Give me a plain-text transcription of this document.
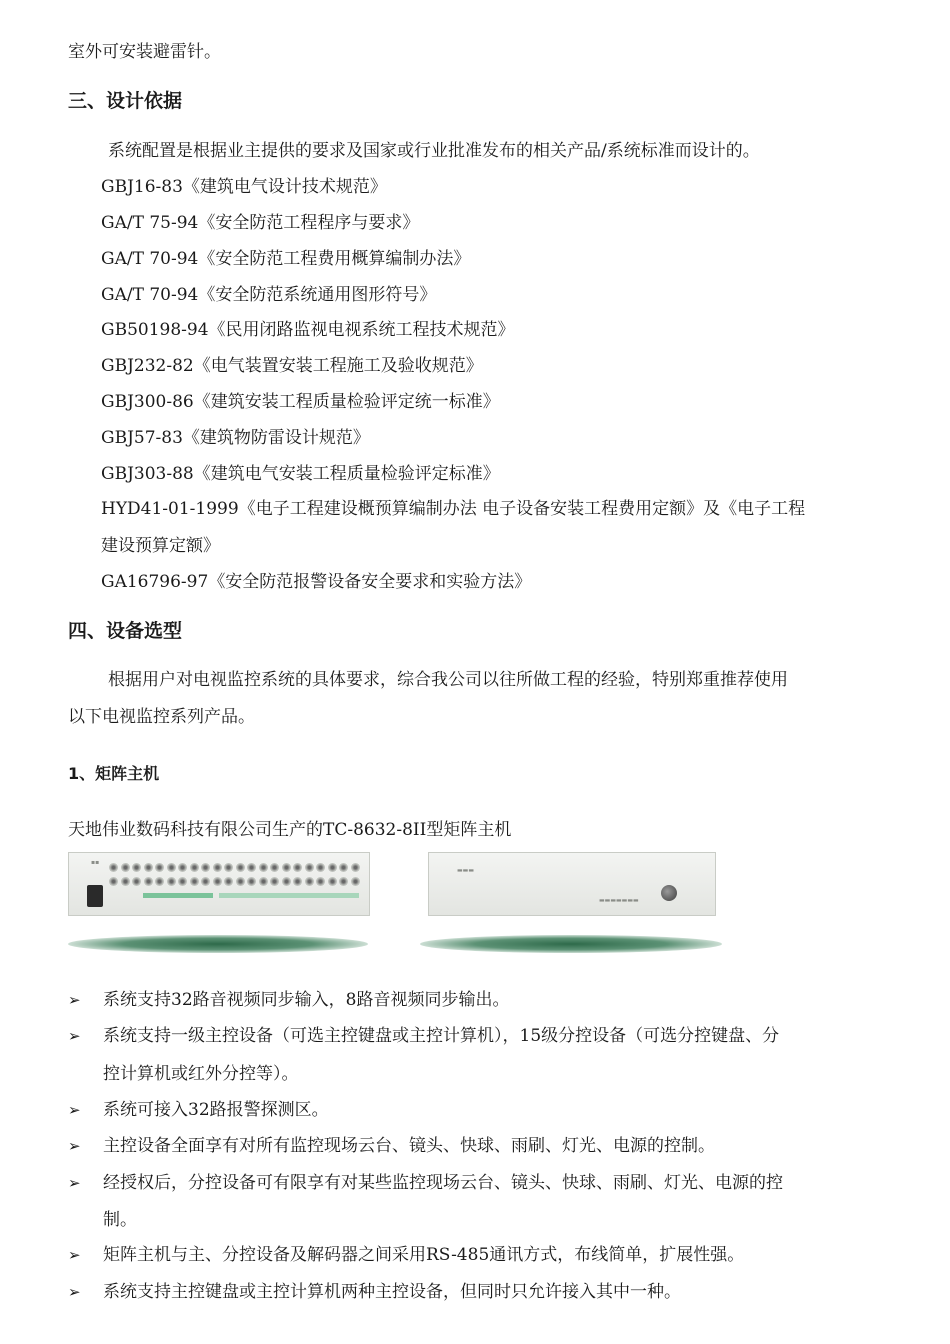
室外可安装避雷针。
三、设计依据
系统配置是根据业主提供的要求及国家或行业批准发布的相关产品/系统标准而设计的。
GBJ16-83《建筑电气设计技术规范》
GA/T 75-94《安全防范工程程序与要求》
GA/T 70-94《安全防范工程费用概算编制办法》
GA/T 70-94《安全防范系统通用图形符号》
GB50198-94《民用闭路监视电视系统工程技术规范》
GBJ232-82《电气装置安装工程施工及验收规范》
GBJ300-86《建筑安装工程质量检验评定统一标准》
GBJ57-83《建筑物防雷设计规范》
GBJ303-88《建筑电气安装工程质量检验评定标准》
HYD41-01-1999《电子工程建设概预算编制办法 电子设备安装工程费用定额》及《电子工程
建设预算定额》
GA16796-97《安全防范报警设备安全要求和实验方法》
四、设备选型
根据用户对电视监控系统的具体要求，综合我公司以往所做工程的经验，特别郑重推荐使用
以下电视监控系列产品。
1、矩阵主机
天地伟业数码科技有限公司生产的TC-8632-8II型矩阵主机
▪▪
▬▬▬
▬▬▬▬▬▬▬
➢ 系统支持32路音视频同步输入，8路音视频同步输出。
➢ 系统支持一级主控设备（可选主控键盘或主控计算机），15级分控设备（可选分控键盘、分
控计算机或红外分控等）。
➢ 系统可接入32路报警探测区。
➢ 主控设备全面享有对所有监控现场云台、镜头、快球、雨刷、灯光、电源的控制。
➢ 经授权后，分控设备可有限享有对某些监控现场云台、镜头、快球、雨刷、灯光、电源的控
制。
➢ 矩阵主机与主、分控设备及解码器之间采用RS-485通讯方式，布线简单，扩展性强。
➢ 系统支持主控键盘或主控计算机两种主控设备，但同时只允许接入其中一种。
